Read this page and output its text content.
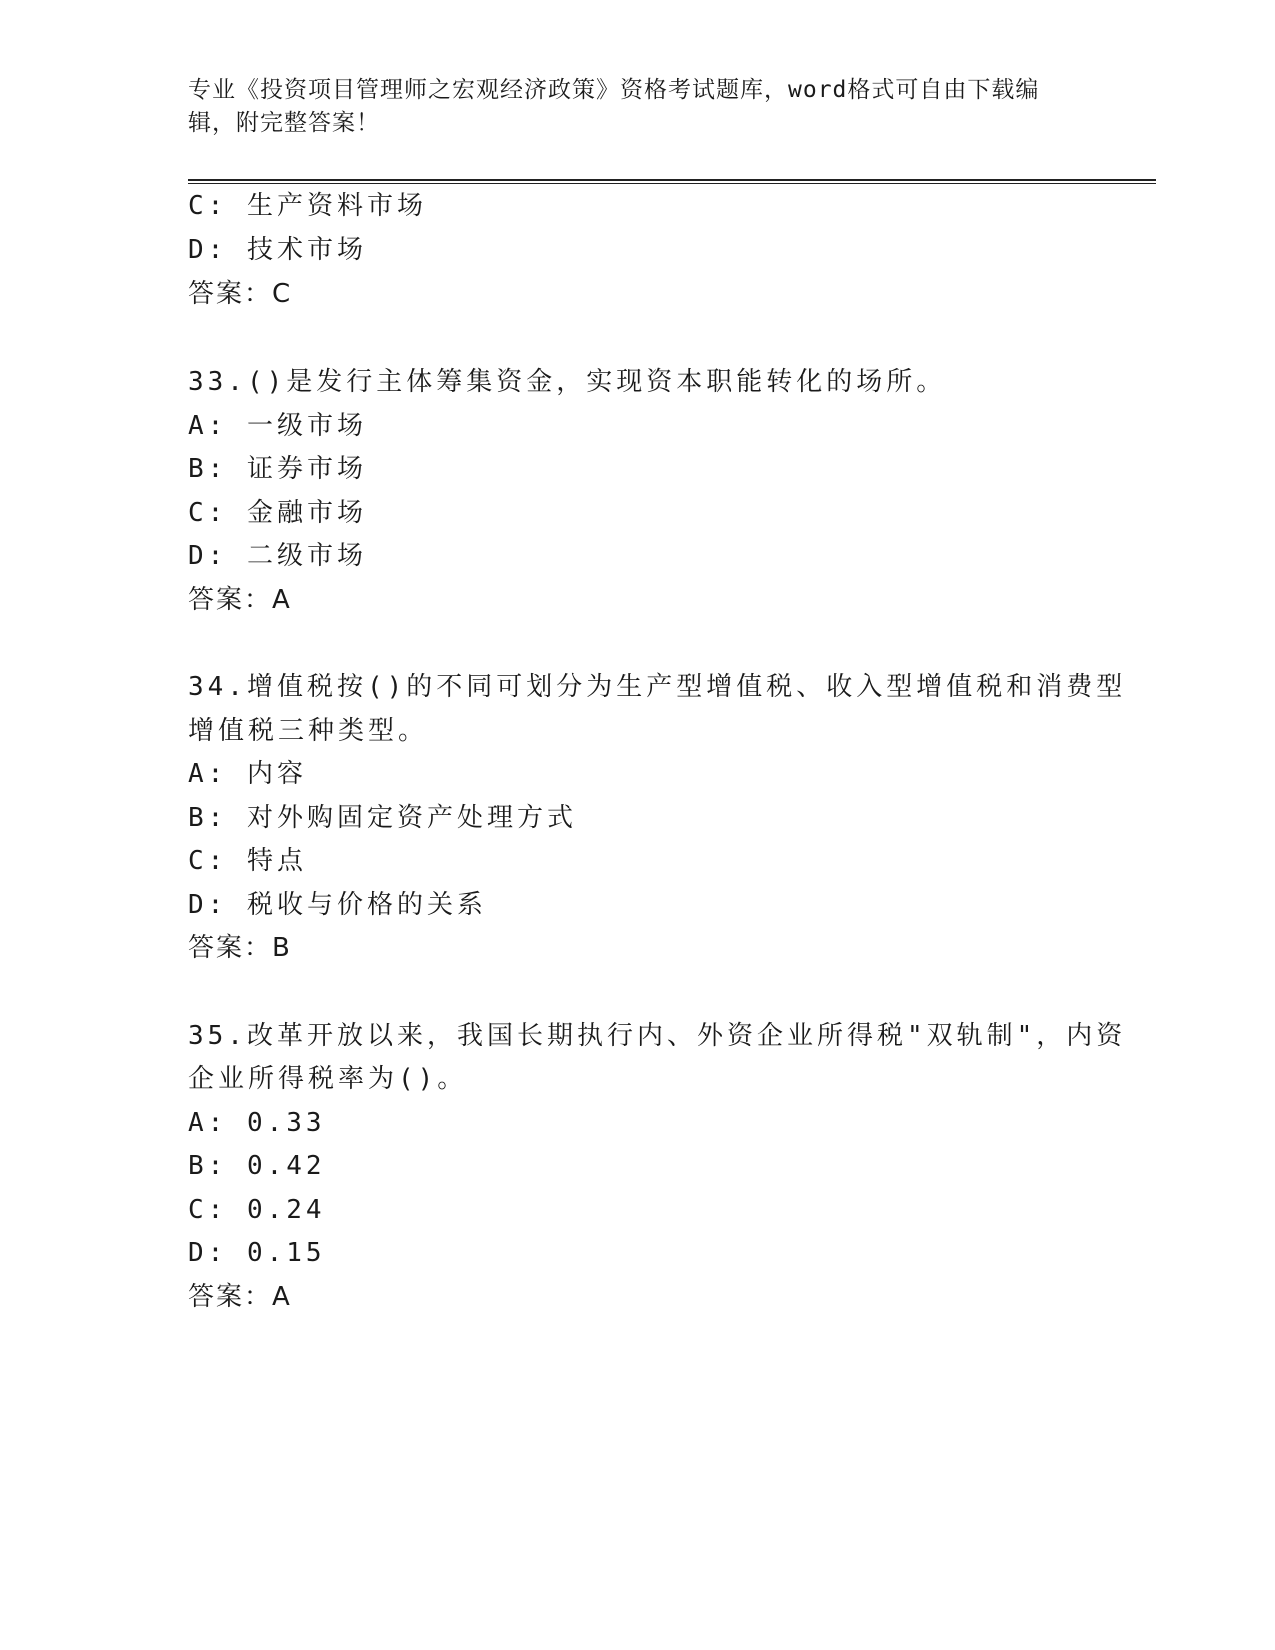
专业《投资项目管理师之宏观经济政策》资格考试题库，word格式可自由下载编
辑，附完整答案！
C: 生产资料市场
D: 技术市场
答案：C
33.()是发行主体筹集资金，实现资本职能转化的场所。
A: 一级市场
B: 证券市场
C: 金融市场
D: 二级市场
答案：A
34.增值税按()的不同可划分为生产型增值税、收入型增值税和消费型
增值税三种类型。
A: 内容
B: 对外购固定资产处理方式
C: 特点
D: 税收与价格的关系
答案：B
35.改革开放以来，我国长期执行内、外资企业所得税"双轨制"，内资
企业所得税率为()。
A: 0.33
B: 0.42
C: 0.24
D: 0.15
答案：A
